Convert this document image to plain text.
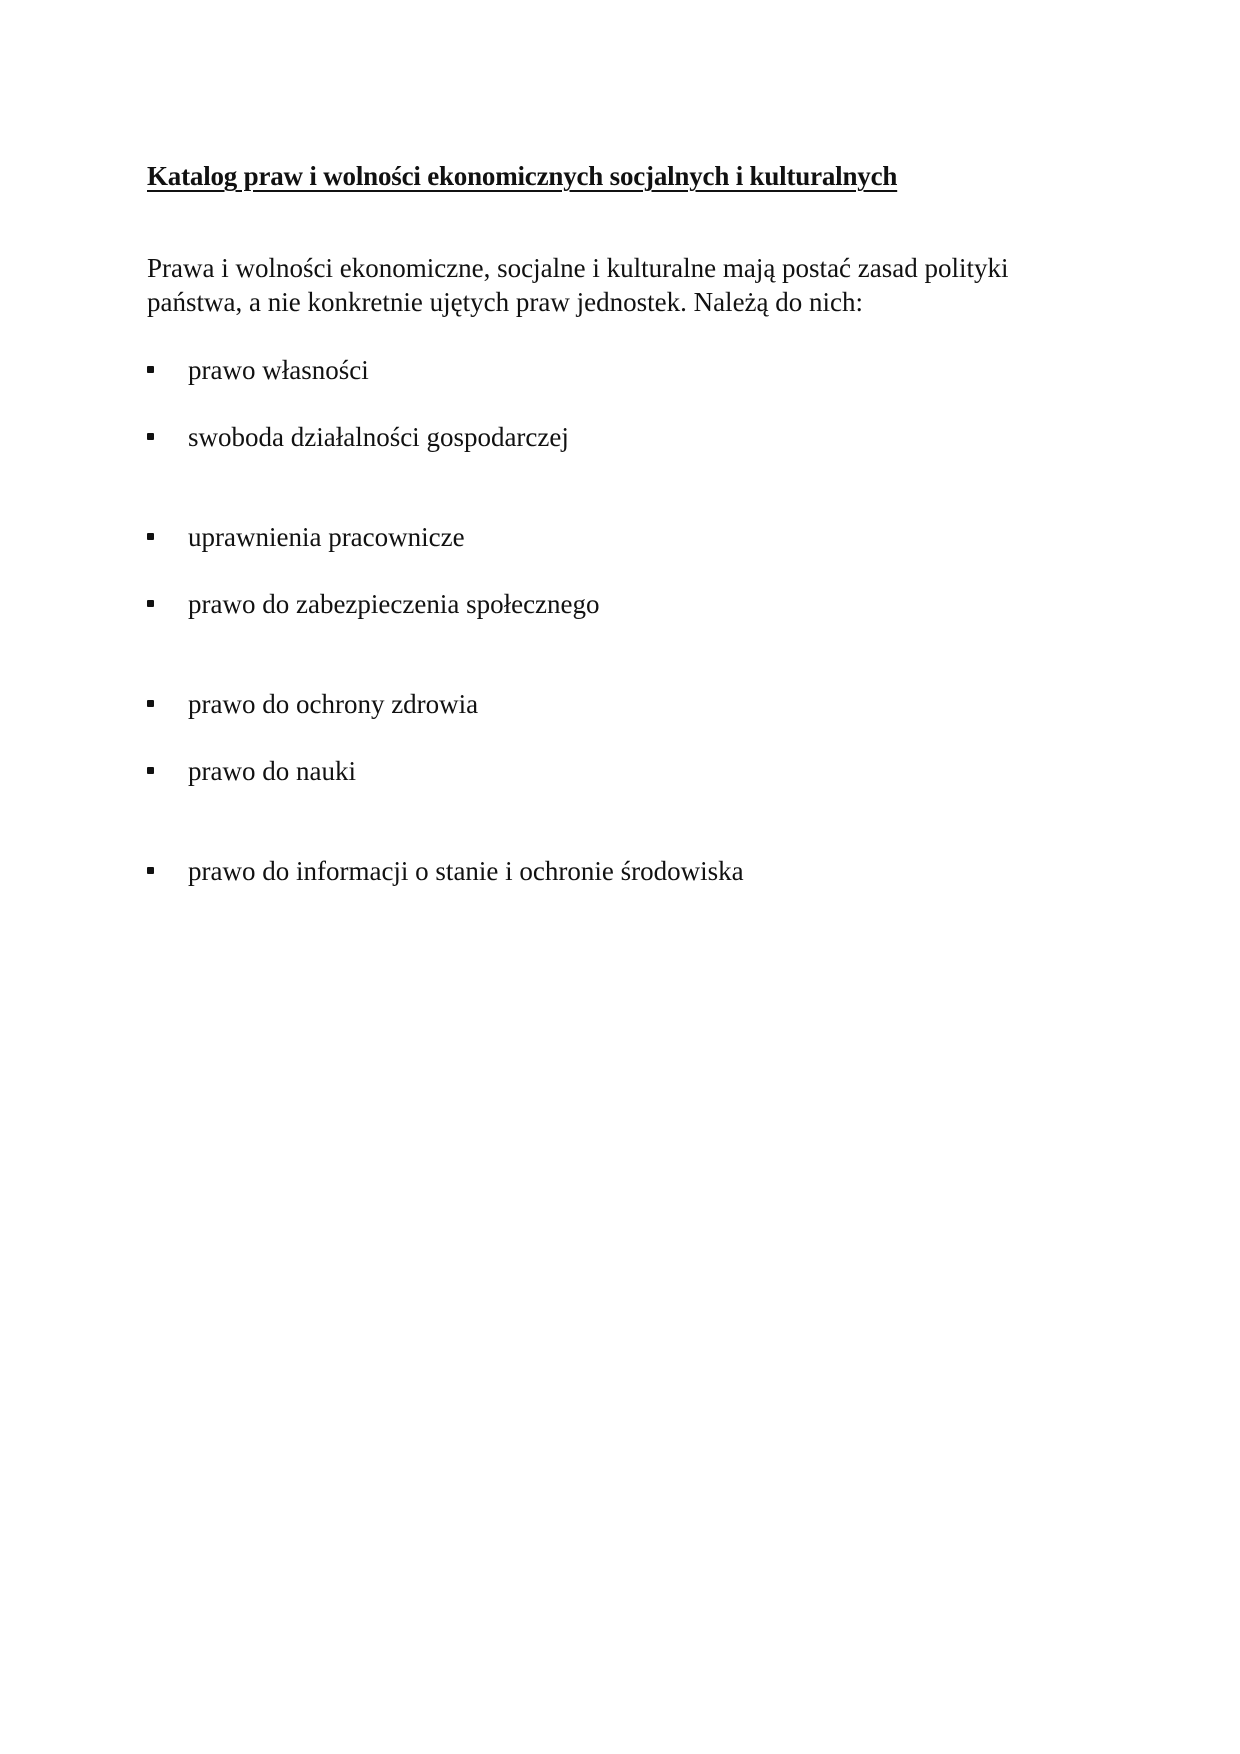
Katalog praw i wolności ekonomicznych socjalnych i kulturalnych

Prawa i wolności ekonomiczne, socjalne i kulturalne mają postać zasad polityki
państwa, a nie konkretnie ujętych praw jednostek. Należą do nich:

prawo własności
swoboda działalności gospodarczej
uprawnienia pracownicze
prawo do zabezpieczenia społecznego
prawo do ochrony zdrowia
prawo do nauki
prawo do informacji o stanie i ochronie środowiska
